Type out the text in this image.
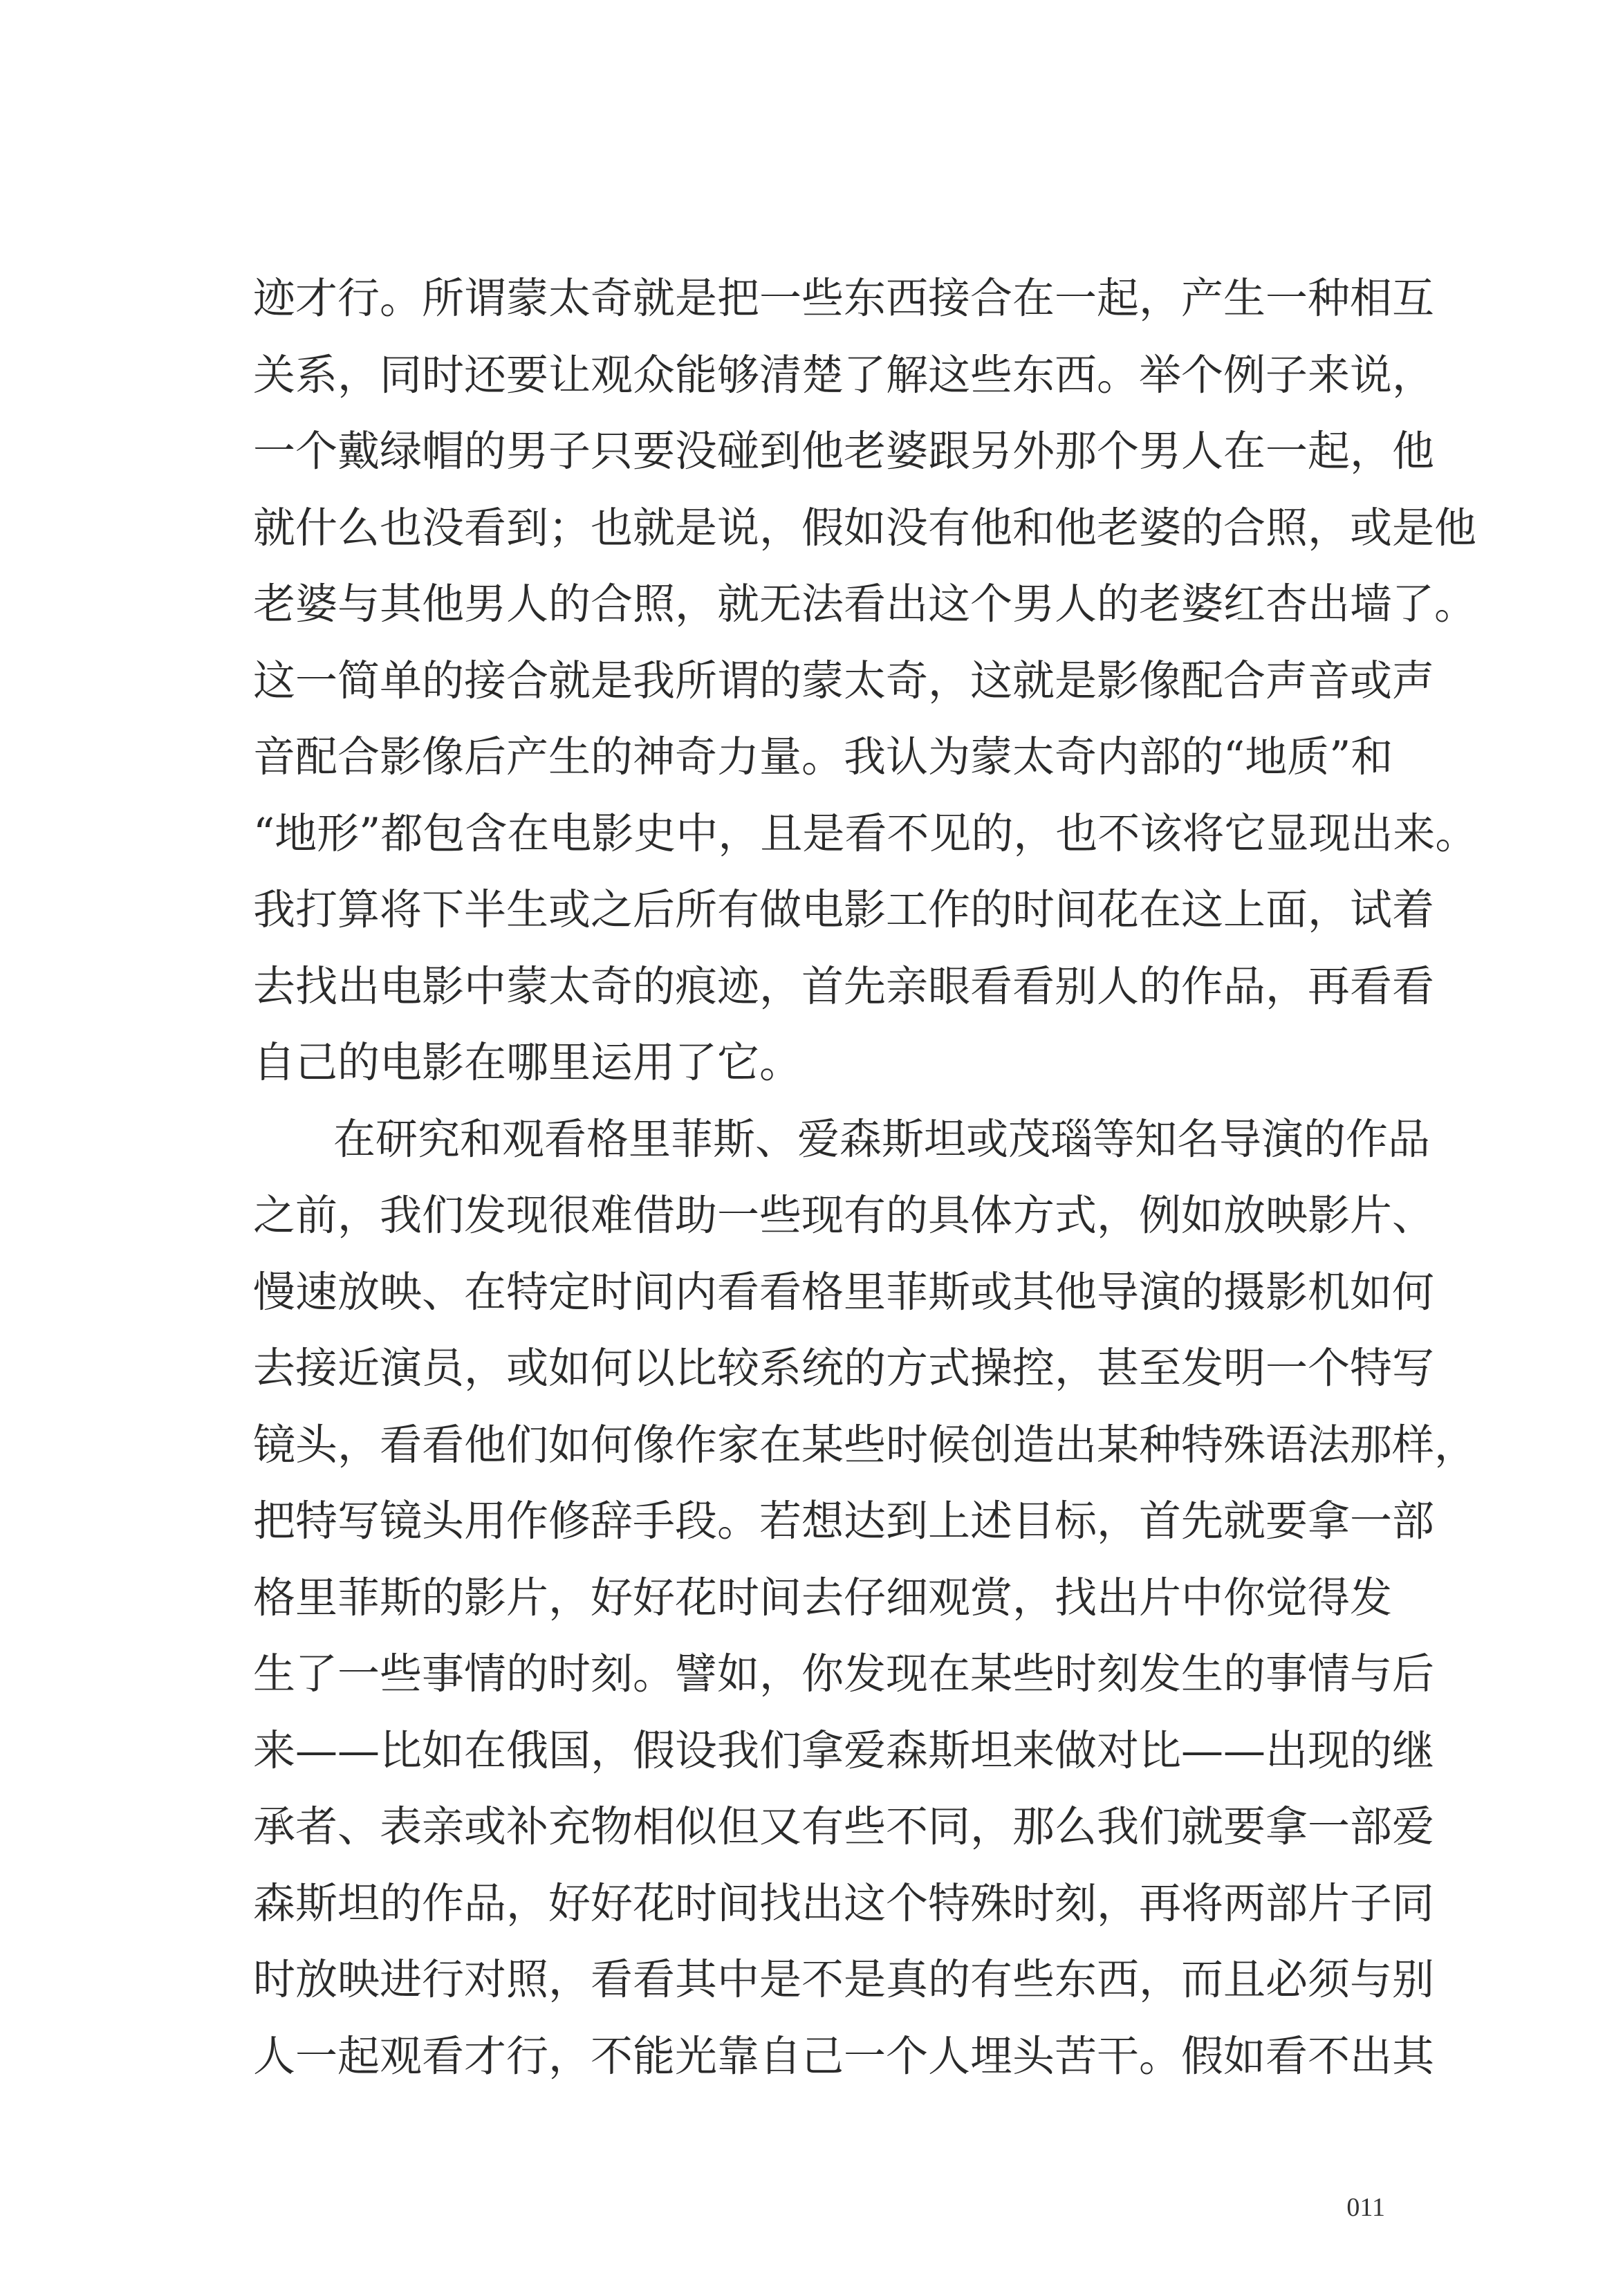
迹才行。所谓蒙太奇就是把一些东西接合在一起，产生一种相互
关系，同时还要让观众能够清楚了解这些东西。举个例子来说，
一个戴绿帽的男子只要没碰到他老婆跟另外那个男人在一起，他
就什么也没看到；也就是说，假如没有他和他老婆的合照，或是他
老婆与其他男人的合照，就无法看出这个男人的老婆红杏出墙了。
这一简单的接合就是我所谓的蒙太奇，这就是影像配合声音或声
音配合影像后产生的神奇力量。我认为蒙太奇内部的“地质”和
“地形”都包含在电影史中，且是看不见的，也不该将它显现出来。
我打算将下半生或之后所有做电影工作的时间花在这上面，试着
去找出电影中蒙太奇的痕迹，首先亲眼看看别人的作品，再看看
自己的电影在哪里运用了它。
在研究和观看格里菲斯、爱森斯坦或茂瑙等知名导演的作品
之前，我们发现很难借助一些现有的具体方式，例如放映影片、
慢速放映、在特定时间内看看格里菲斯或其他导演的摄影机如何
去接近演员，或如何以比较系统的方式操控，甚至发明一个特写
镜头，看看他们如何像作家在某些时候创造出某种特殊语法那样，
把特写镜头用作修辞手段。若想达到上述目标，首先就要拿一部
格里菲斯的影片，好好花时间去仔细观赏，找出片中你觉得发
生了一些事情的时刻。譬如，你发现在某些时刻发生的事情与后
来——比如在俄国，假设我们拿爱森斯坦来做对比——出现的继
承者、表亲或补充物相似但又有些不同，那么我们就要拿一部爱
森斯坦的作品，好好花时间找出这个特殊时刻，再将两部片子同
时放映进行对照，看看其中是不是真的有些东西，而且必须与别
人一起观看才行，不能光靠自己一个人埋头苦干。假如看不出其
011
